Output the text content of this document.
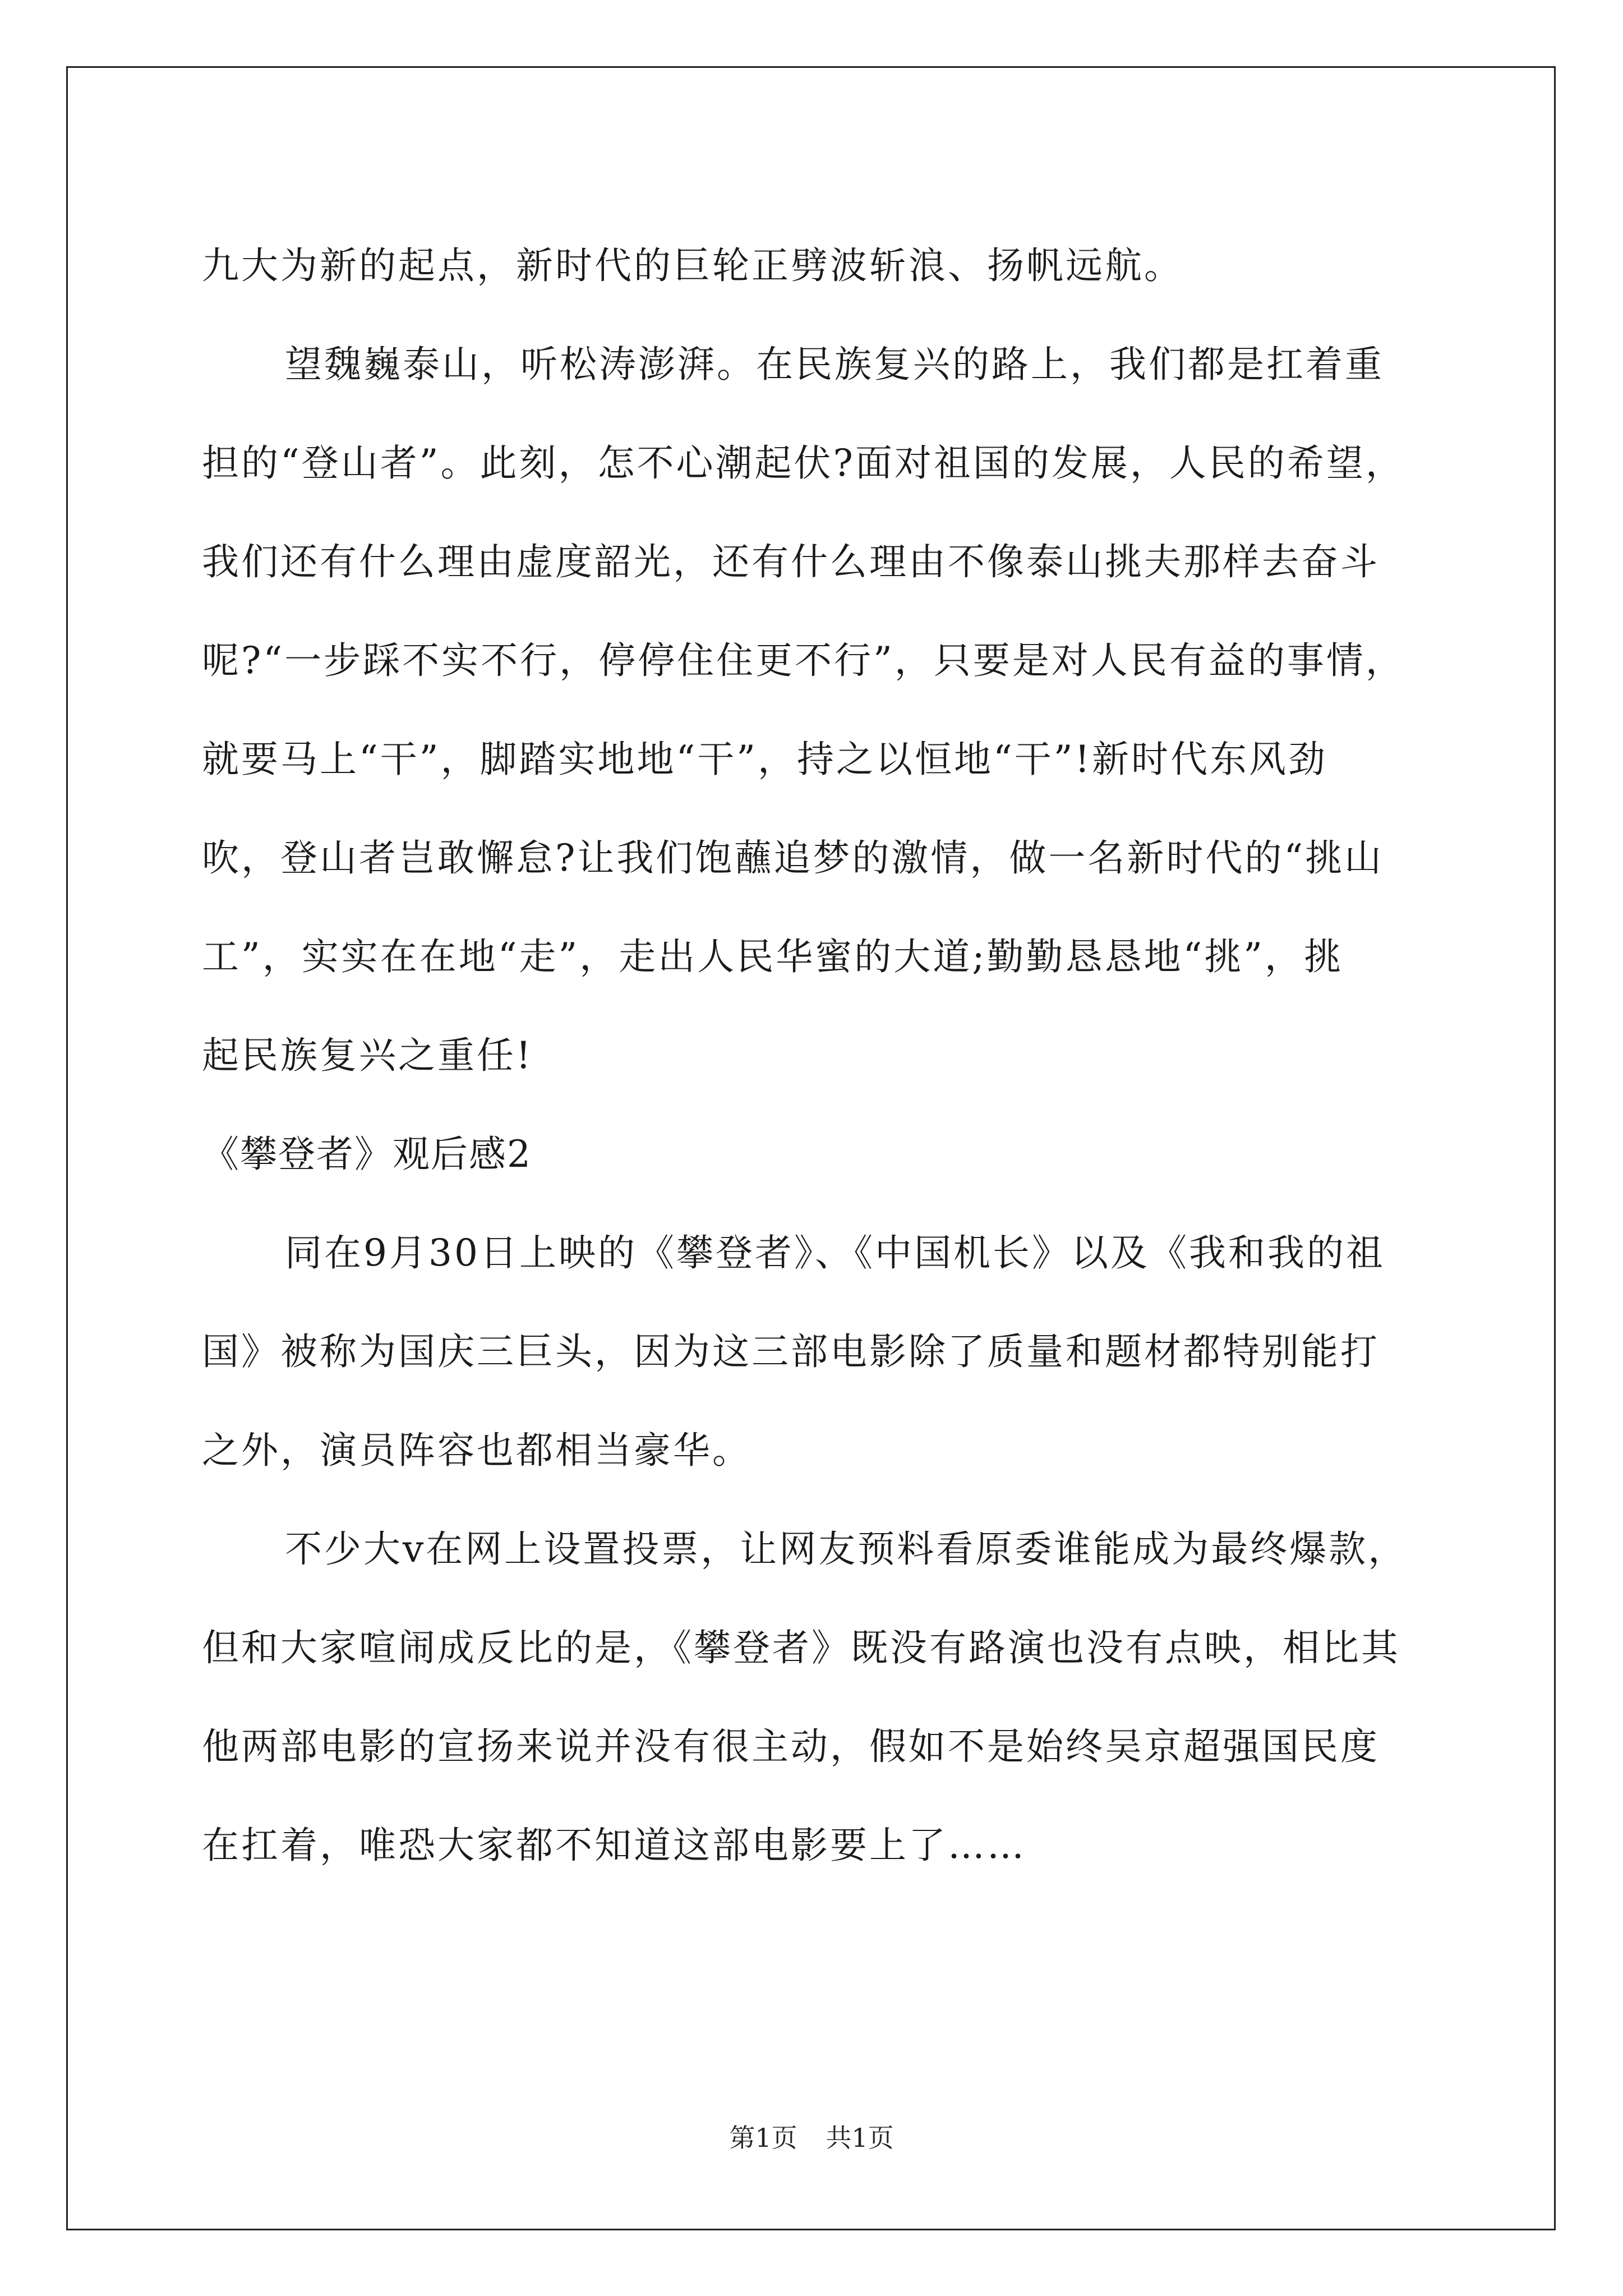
九大为新的起点，新时代的巨轮正劈波斩浪、扬帆远航。
望魏巍泰山，听松涛澎湃。在民族复兴的路上，我们都是扛着重
担的“登山者”。此刻，怎不心潮起伏?面对祖国的发展，人民的希望，
我们还有什么理由虚度韶光，还有什么理由不像泰山挑夫那样去奋斗
呢?“一步踩不实不行，停停住住更不行”，只要是对人民有益的事情，
就要马上“干”，脚踏实地地“干”，持之以恒地“干”!新时代东风劲
吹，登山者岂敢懈怠?让我们饱蘸追梦的激情，做一名新时代的“挑山
工”，实实在在地“走”，走出人民华蜜的大道;勤勤恳恳地“挑”，挑
起民族复兴之重任!
《攀登者》观后感2
同在9月30日上映的《攀登者》、《中国机长》以及《我和我的祖
国》被称为国庆三巨头，因为这三部电影除了质量和题材都特别能打
之外，演员阵容也都相当豪华。
不少大v在网上设置投票，让网友预料看原委谁能成为最终爆款，
但和大家喧闹成反比的是，《攀登者》既没有路演也没有点映，相比其
他两部电影的宣扬来说并没有很主动，假如不是始终吴京超强国民度
在扛着，唯恐大家都不知道这部电影要上了……
第1页 共1页
